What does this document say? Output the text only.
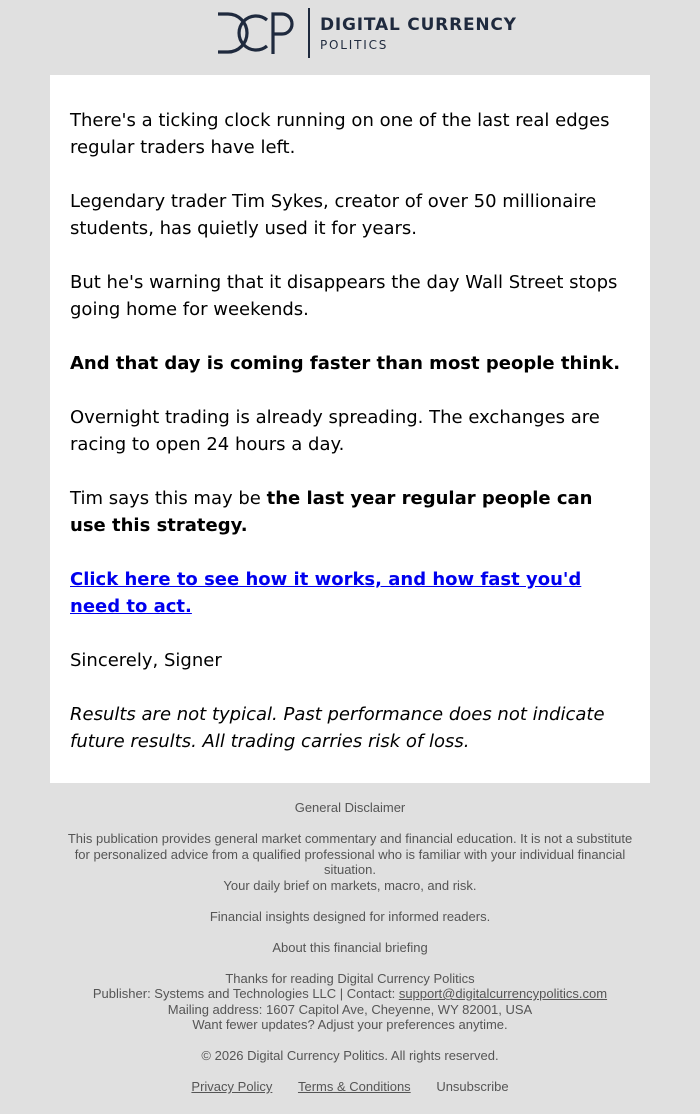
DIGITAL CURRENCY
POLITICS

There's a ticking clock running on one of the last real edges regular traders have left.

Legendary trader Tim Sykes, creator of over 50 millionaire students, has quietly used it for years.

But he's warning that it disappears the day Wall Street stops going home for weekends.

And that day is coming faster than most people think.

Overnight trading is already spreading. The exchanges are racing to open 24 hours a day.

Tim says this may be the last year regular people can use this strategy.

Click here to see how it works, and how fast you'd need to act.

Sincerely, Signer

Results are not typical. Past performance does not indicate future results. All trading carries risk of loss.

General Disclaimer
This publication provides general market commentary and financial education. It is not a substitute for personalized advice from a qualified professional who is familiar with your individual financial situation.
Your daily brief on markets, macro, and risk.
Financial insights designed for informed readers.
About this financial briefing
Thanks for reading Digital Currency Politics
Publisher: Systems and Technologies LLC | Contact: support@digitalcurrencypolitics.com
Mailing address: 1607 Capitol Ave, Cheyenne, WY 82001, USA
Want fewer updates? Adjust your preferences anytime.
© 2026 Digital Currency Politics. All rights reserved.
Privacy Policy Terms & Conditions Unsubscribe
